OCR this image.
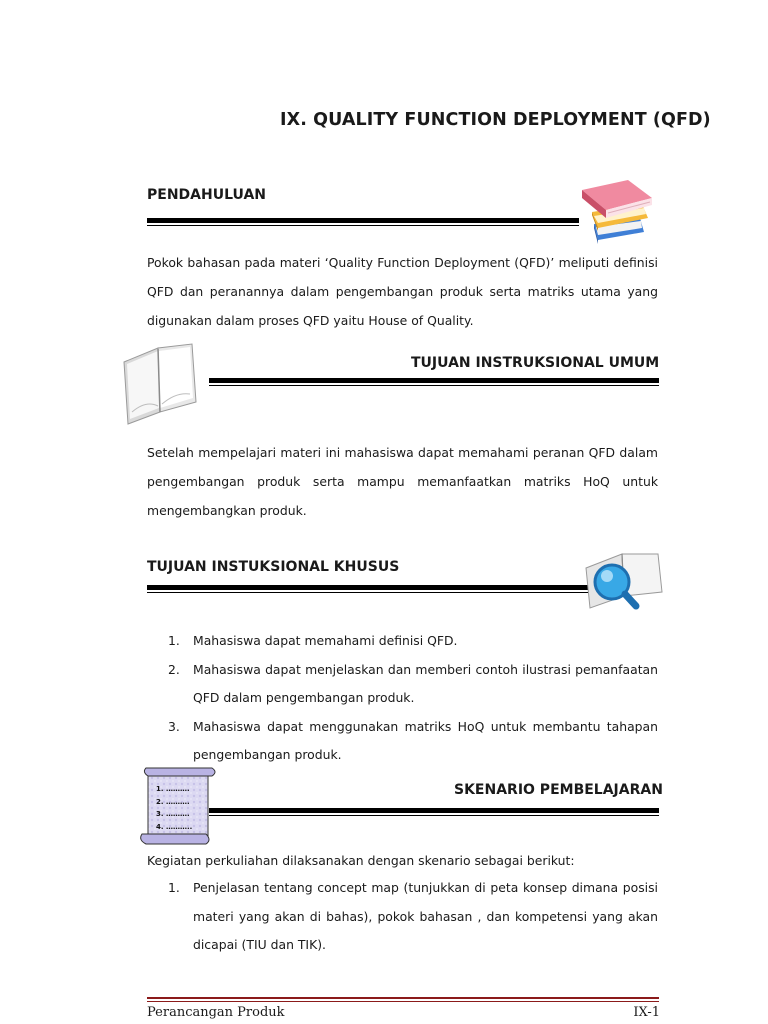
IX. QUALITY FUNCTION DEPLOYMENT (QFD)
PENDAHULUAN
Pokok bahasan pada materi ‘Quality Function Deployment (QFD)’ meliputi definisi QFD dan peranannya dalam pengembangan produk serta matriks utama yang digunakan dalam proses QFD yaitu House of Quality.
TUJUAN INSTRUKSIONAL UMUM
Setelah mempelajari materi ini mahasiswa dapat memahami peranan QFD dalam pengembangan produk serta mampu memanfaatkan matriks HoQ untuk mengembangkan produk.
TUJUAN INSTUKSIONAL KHUSUS
1. Mahasiswa dapat memahami definisi QFD.
2. Mahasiswa dapat menjelaskan dan memberi contoh ilustrasi pemanfaatan QFD dalam pengembangan produk.
3. Mahasiswa dapat menggunakan matriks HoQ untuk membantu tahapan pengembangan produk.
1. ……….
2. ……….
3. ……….
4. ………..
SKENARIO PEMBELAJARAN
Kegiatan perkuliahan dilaksanakan dengan skenario sebagai berikut:
1. Penjelasan tentang concept map (tunjukkan di peta konsep dimana posisi materi yang akan di bahas), pokok bahasan , dan kompetensi yang akan dicapai (TIU dan TIK).
Perancangan Produk	IX-1
